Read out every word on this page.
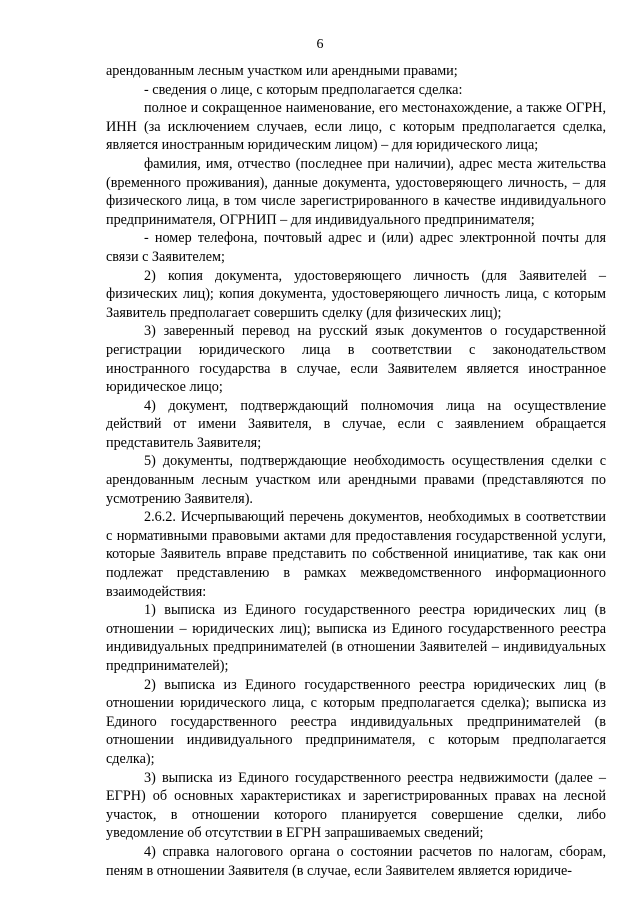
6

арендованным лесным участком или арендными правами;

- сведения о лице, с которым предполагается сделка:

полное и сокращенное наименование, его местонахождение, а также ОГРН, ИНН (за исключением случаев, если лицо, с которым предполагается сделка, является иностранным юридическим лицом) – для юридического лица;

фамилия, имя, отчество (последнее при наличии), адрес места жительства (временного проживания), данные документа, удостоверяющего личность, – для физического лица, в том числе зарегистрированного в качестве индивидуального предпринимателя, ОГРНИП – для индивидуального предпринимателя;

- номер телефона, почтовый адрес и (или) адрес электронной почты для связи с Заявителем;

2) копия документа, удостоверяющего личность (для Заявителей – физических лиц); копия документа, удостоверяющего личность лица, с которым Заявитель предполагает совершить сделку (для физических лиц);

3) заверенный перевод на русский язык документов о государственной регистрации юридического лица в соответствии с законодательством иностранного государства в случае, если Заявителем является иностранное юридическое лицо;

4) документ, подтверждающий полномочия лица на осуществление действий от имени Заявителя, в случае, если с заявлением обращается представитель Заявителя;

5) документы, подтверждающие необходимость осуществления сделки с арендованным лесным участком или арендными правами (представляются по усмотрению Заявителя).

2.6.2. Исчерпывающий перечень документов, необходимых в соответствии с нормативными правовыми актами для предоставления государственной услуги, которые Заявитель вправе представить по собственной инициативе, так как они подлежат представлению в рамках межведомственного информационного взаимодействия:

1) выписка из Единого государственного реестра юридических лиц (в отношении – юридических лиц); выписка из Единого государственного реестра индивидуальных предпринимателей (в отношении Заявителей – индивидуальных предпринимателей);

2) выписка из Единого государственного реестра юридических лиц (в отношении юридического лица, с которым предполагается сделка); выписка из Единого государственного реестра индивидуальных предпринимателей (в отношении индивидуального предпринимателя, с которым предполагается сделка);

3) выписка из Единого государственного реестра недвижимости (далее – ЕГРН) об основных характеристиках и зарегистрированных правах на лесной участок, в отношении которого планируется совершение сделки, либо уведомление об отсутствии в ЕГРН запрашиваемых сведений;

4) справка налогового органа о состоянии расчетов по налогам, сборам, пеням в отношении Заявителя (в случае, если Заявителем является юридиче-
